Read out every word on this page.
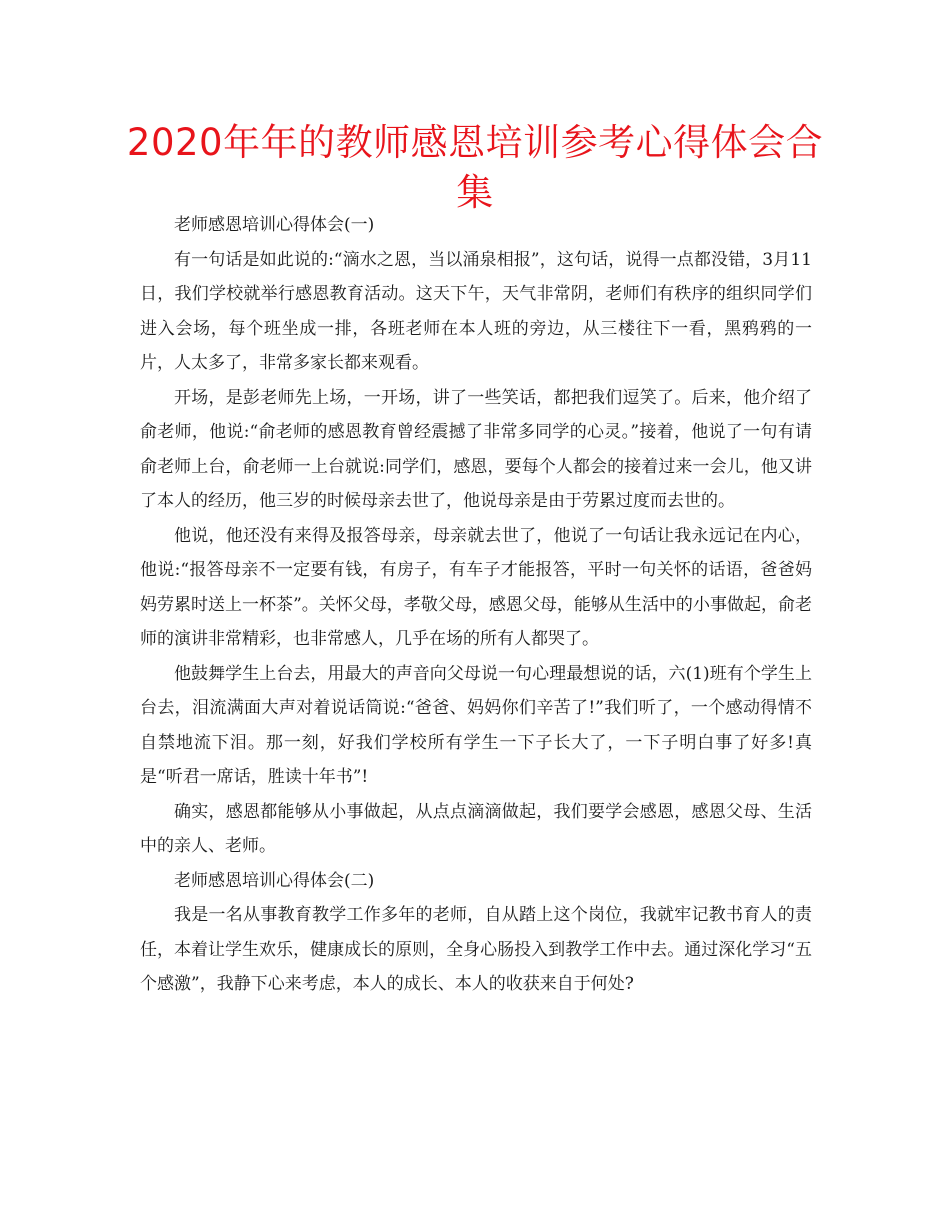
2020年年的教师感恩培训参考心得体会合集

老师感恩培训心得体会(一)

有一句话是如此说的:“滴水之恩，当以涌泉相报”，这句话，说得一点都没错，3月11日，我们学校就举行感恩教育活动。这天下午，天气非常阴，老师们有秩序的组织同学们进入会场，每个班坐成一排，各班老师在本人班的旁边，从三楼往下一看，黑鸦鸦的一片，人太多了，非常多家长都来观看。

开场，是彭老师先上场，一开场，讲了一些笑话，都把我们逗笑了。后来，他介绍了俞老师，他说:“俞老师的感恩教育曾经震撼了非常多同学的心灵。”接着，他说了一句有请俞老师上台，俞老师一上台就说:同学们，感恩，要每个人都会的接着过来一会儿，他又讲了本人的经历，他三岁的时候母亲去世了，他说母亲是由于劳累过度而去世的。

他说，他还没有来得及报答母亲，母亲就去世了，他说了一句话让我永远记在内心，他说:“报答母亲不一定要有钱，有房子，有车子才能报答，平时一句关怀的话语，爸爸妈妈劳累时送上一杯茶”。关怀父母，孝敬父母，感恩父母，能够从生活中的小事做起，俞老师的演讲非常精彩，也非常感人，几乎在场的所有人都哭了。

他鼓舞学生上台去，用最大的声音向父母说一句心理最想说的话，六(1)班有个学生上台去，泪流满面大声对着说话筒说:“爸爸、妈妈你们辛苦了!”我们听了，一个感动得情不自禁地流下泪。那一刻，好我们学校所有学生一下子长大了，一下子明白事了好多!真是“听君一席话，胜读十年书”!

确实，感恩都能够从小事做起，从点点滴滴做起，我们要学会感恩，感恩父母、生活中的亲人、老师。

老师感恩培训心得体会(二)

我是一名从事教育教学工作多年的老师，自从踏上这个岗位，我就牢记教书育人的责任，本着让学生欢乐，健康成长的原则，全身心肠投入到教学工作中去。通过深化学习“五个感激”，我静下心来考虑，本人的成长、本人的收获来自于何处?
